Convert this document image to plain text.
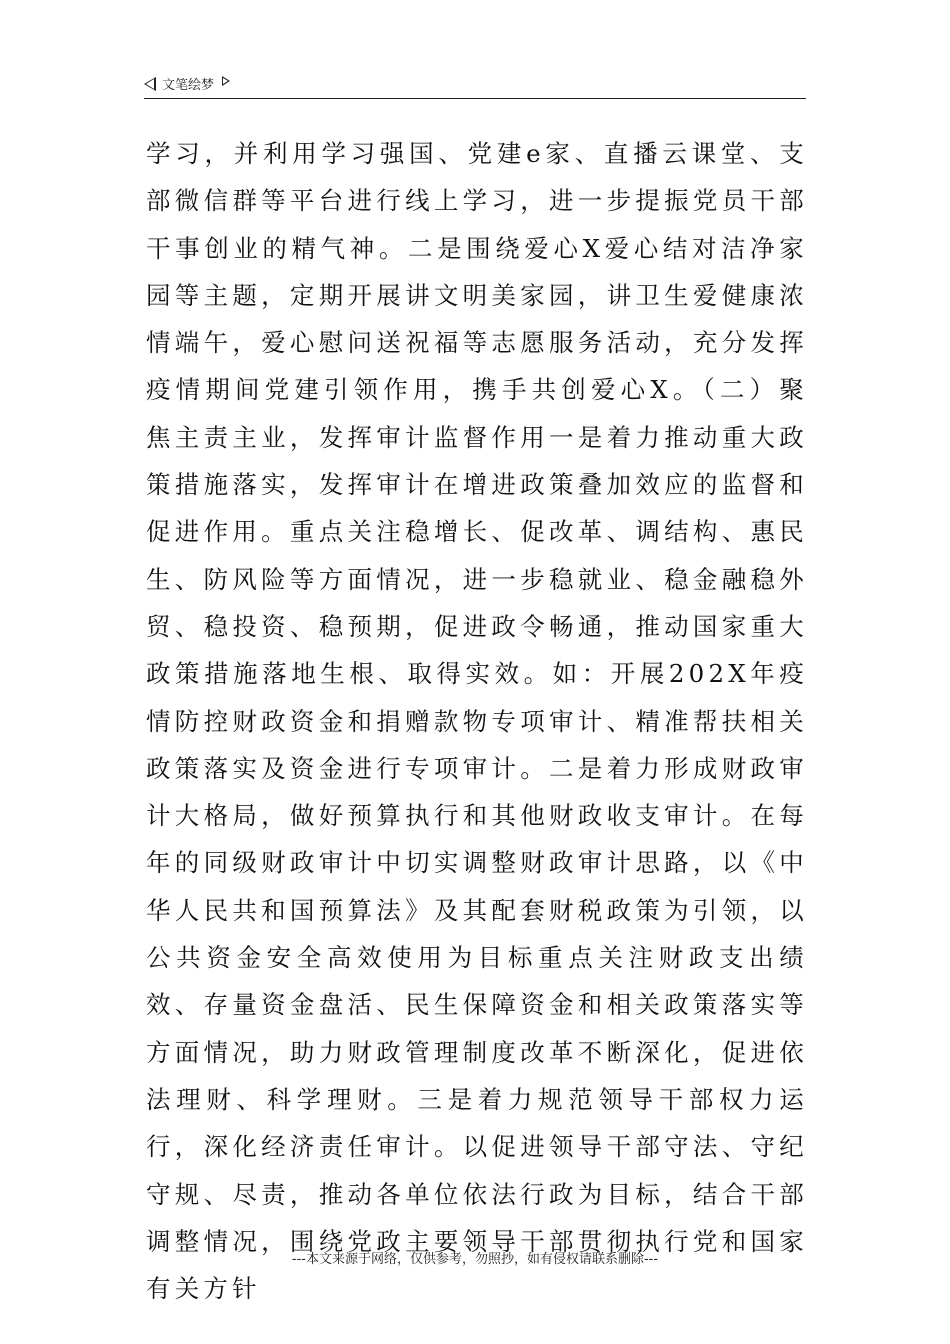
文笔绘梦

学习，并利用学习强国、党建e家、直播云课堂、支部微信群等平台进行线上学习，进一步提振党员干部干事创业的精气神。二是围绕爱心X爱心结对洁净家园等主题，定期开展讲文明美家园，讲卫生爱健康浓情端午，爱心慰问送祝福等志愿服务活动，充分发挥疫情期间党建引领作用，携手共创爱心X。（二）聚焦主责主业，发挥审计监督作用一是着力推动重大政策措施落实，发挥审计在增进政策叠加效应的监督和促进作用。重点关注稳增长、促改革、调结构、惠民生、防风险等方面情况，进一步稳就业、稳金融稳外贸、稳投资、稳预期，促进政令畅通，推动国家重大政策措施落地生根、取得实效。如：开展202X年疫情防控财政资金和捐赠款物专项审计、精准帮扶相关政策落实及资金进行专项审计。二是着力形成财政审计大格局，做好预算执行和其他财政收支审计。在每年的同级财政审计中切实调整财政审计思路，以《中华人民共和国预算法》及其配套财税政策为引领，以公共资金安全高效使用为目标重点关注财政支出绩效、存量资金盘活、民生保障资金和相关政策落实等方面情况，助力财政管理制度改革不断深化，促进依法理财、科学理财。三是着力规范领导干部权力运行，深化经济责任审计。以促进领导干部守法、守纪守规、尽责，推动各单位依法行政为目标，结合干部调整情况，围绕党政主要领导干部贯彻执行党和国家有关方针

---本文来源于网络，仅供参考，勿照抄，如有侵权请联系删除---
